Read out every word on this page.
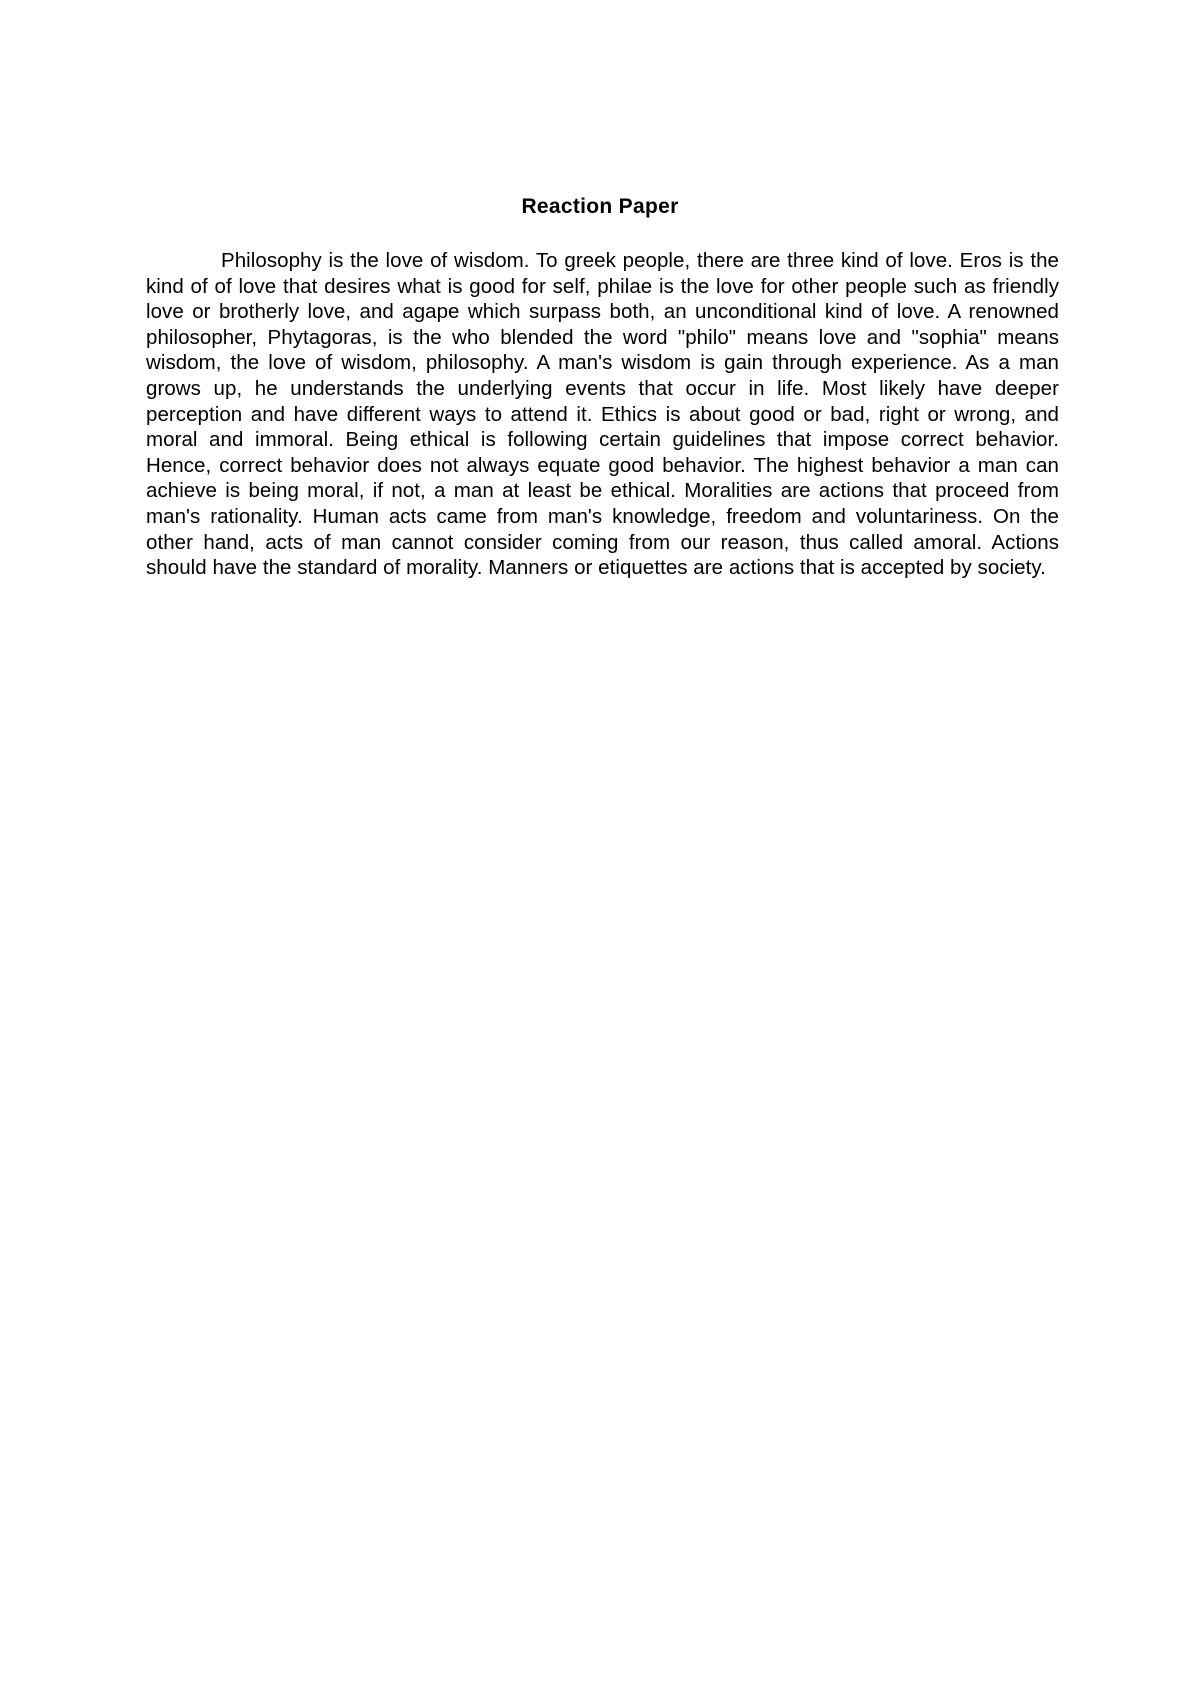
Reaction Paper

Philosophy is the love of wisdom. To greek people, there are three kind of love. Eros is the kind of of love that desires what is good for self, philae is the love for other people such as friendly love or brotherly love, and agape which surpass both, an unconditional kind of love. A renowned philosopher, Phytagoras, is the who blended the word "philo" means love and "sophia" means wisdom, the love of wisdom, philosophy. A man's wisdom is gain through experience. As a man grows up, he understands the underlying events that occur in life. Most likely have deeper perception and have different ways to attend it. Ethics is about good or bad, right or wrong, and moral and immoral. Being ethical is following certain guidelines that impose correct behavior. Hence, correct behavior does not always equate good behavior. The highest behavior a man can achieve is being moral, if not, a man at least be ethical. Moralities are actions that proceed from man's rationality. Human acts came from man's knowledge, freedom and voluntariness. On the other hand, acts of man cannot consider coming from our reason, thus called amoral. Actions should have the standard of morality. Manners or etiquettes are actions that is accepted by society.
